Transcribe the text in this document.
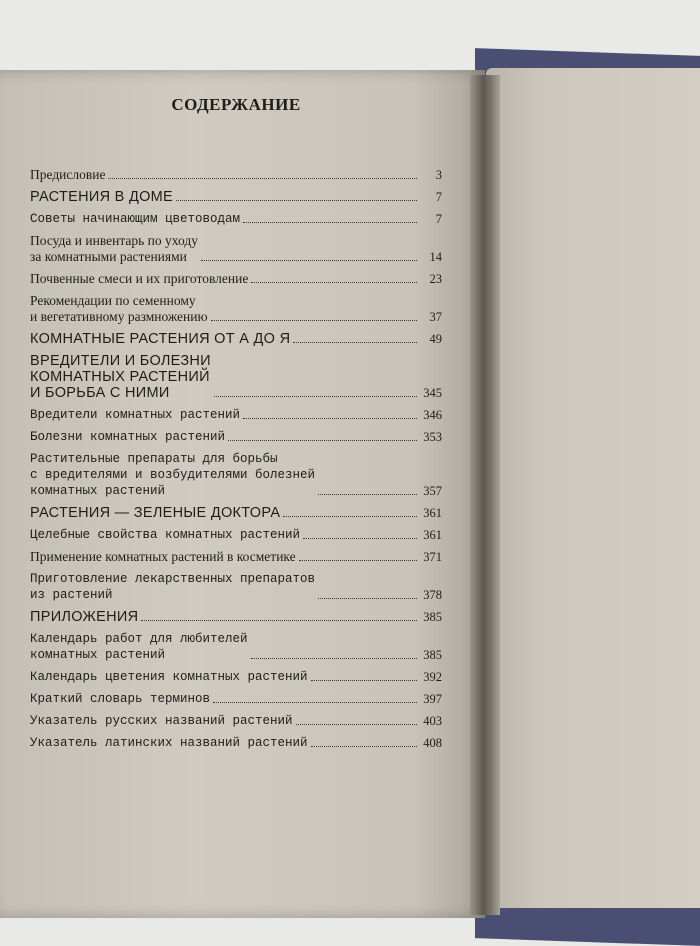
СОДЕРЖАНИЕ
Предисловие	3
РАСТЕНИЯ В ДОМЕ	7
Советы начинающим цветоводам	7
Посуда и инвентарь по уходу
за комнатными растениями	14
Почвенные смеси и их приготовление	23
Рекомендации по семенному
и вегетативному размножению	37
КОМНАТНЫЕ РАСТЕНИЯ ОТ А ДО Я	49
ВРЕДИТЕЛИ И БОЛЕЗНИ
КОМНАТНЫХ РАСТЕНИЙ
И БОРЬБА С НИМИ	345
Вредители комнатных растений	346
Болезни комнатных растений	353
Растительные препараты для борьбы
с вредителями и возбудителями болезней
комнатных растений	357
РАСТЕНИЯ — ЗЕЛЕНЫЕ ДОКТОРА	361
Целебные свойства комнатных растений	361
Применение комнатных растений в косметике	371
Приготовление лекарственных препаратов
из растений	378
ПРИЛОЖЕНИЯ	385
Календарь работ для любителей
комнатных растений	385
Календарь цветения комнатных растений	392
Краткий словарь терминов	397
Указатель русских названий растений	403
Указатель латинских названий растений	408
